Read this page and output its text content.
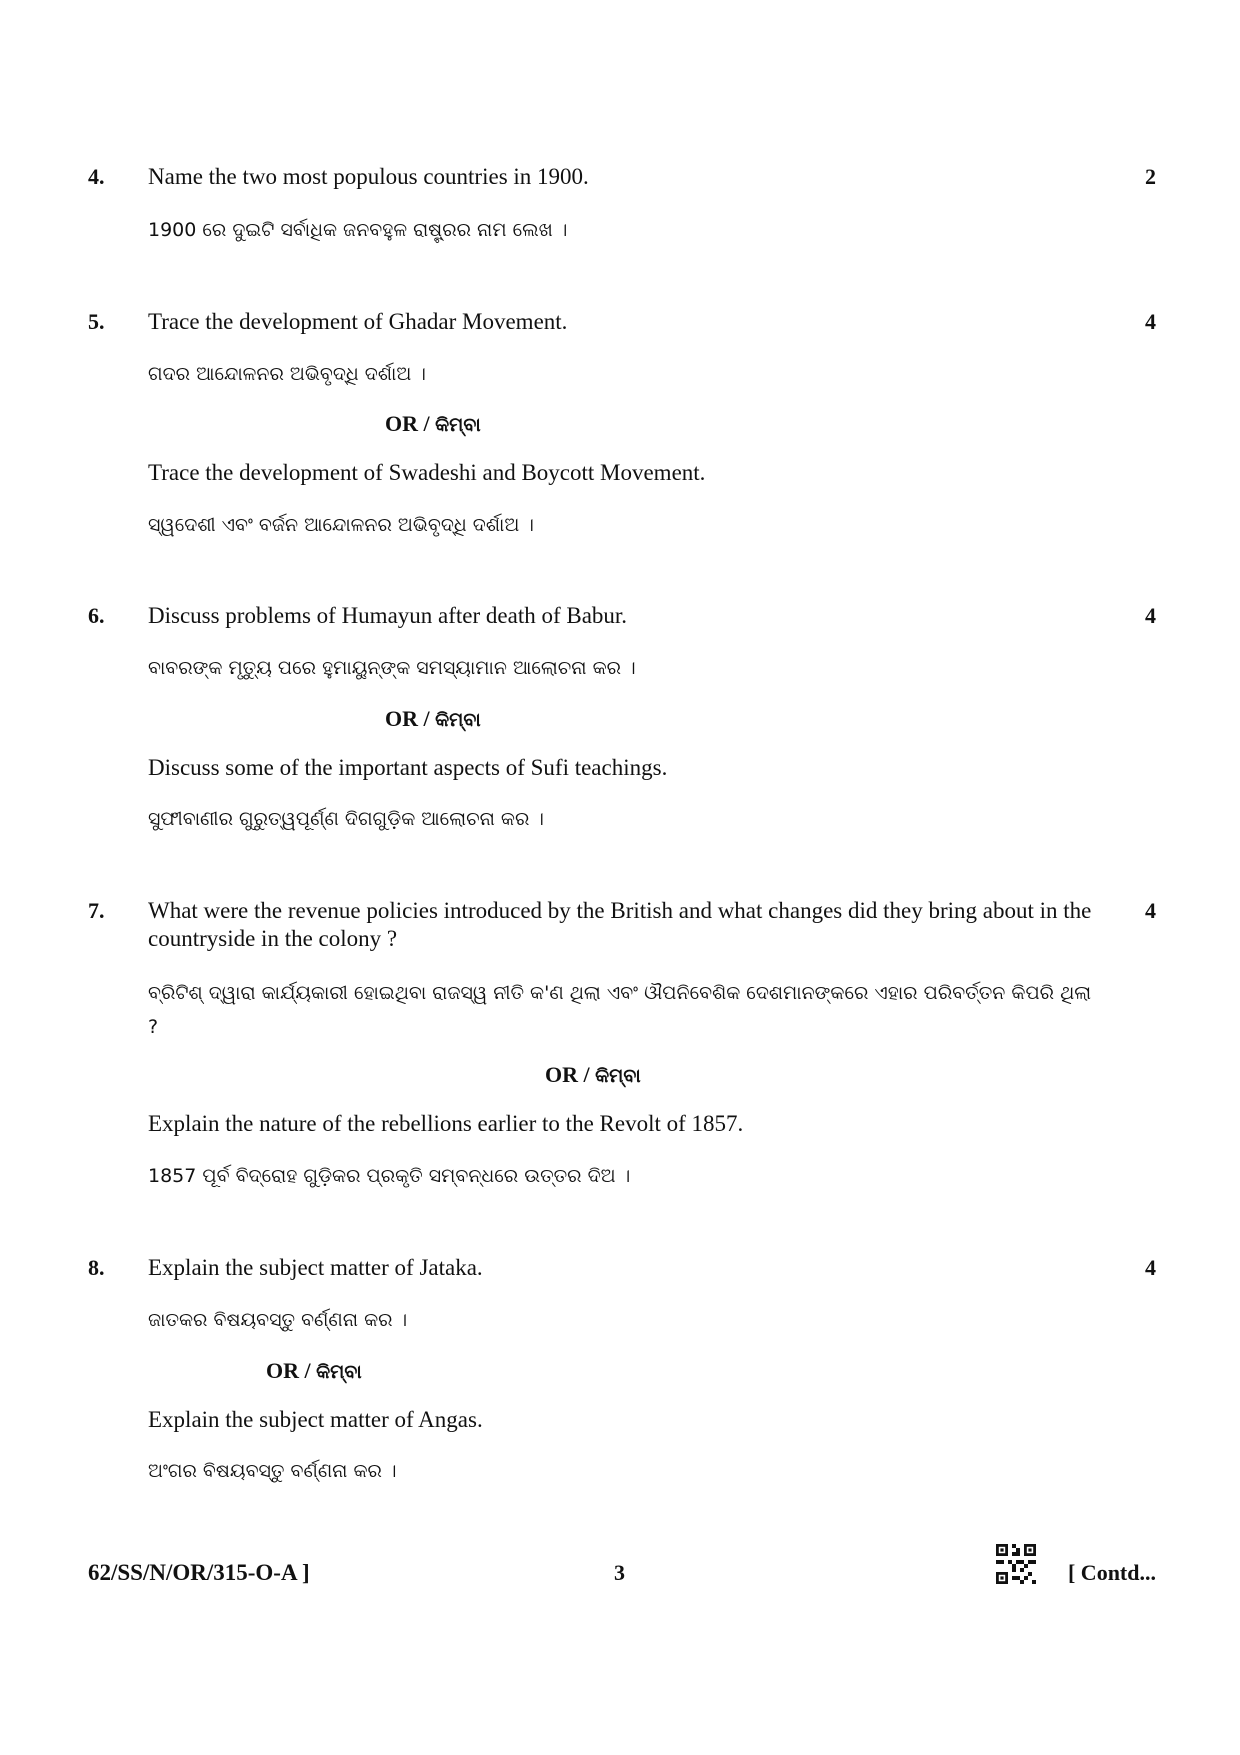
4. Name the two most populous countries in 1900.	2
1900 ରେ ଦୁଇଟି ସର୍ବାଧିକ ଜନବହୁଳ ରାଷ୍ଟ୍ରର ନାମ ଲେଖ ।
5. Trace the development of Ghadar Movement.	4
ଗଦର ଆନ୍ଦୋଳନର ଅଭିବୃଦ୍ଧି ଦର୍ଶାଅ ।
OR / କିମ୍ବା
Trace the development of Swadeshi and Boycott Movement.
ସ୍ୱଦେଶୀ ଏବଂ ବର୍ଜନ ଆନ୍ଦୋଳନର ଅଭିବୃଦ୍ଧି ଦର୍ଶାଅ ।
6. Discuss problems of Humayun after death of Babur.	4
ବାବରଙ୍କ ମୃତ୍ୟୁ ପରେ ହୁମାୟୁନ୍‌ଙ୍କ ସମସ୍ୟାମାନ ଆଲୋଚନା କର ।
OR / କିମ୍ବା
Discuss some of the important aspects of Sufi teachings.
ସୁଫୀବାଣୀର ଗୁରୁତ୍ୱପୂର୍ଣ୍ଣ ଦିଗଗୁଡ଼ିକ ଆଲୋଚନା କର ।
7. What were the revenue policies introduced by the British and what changes did they bring about in the countryside in the colony ?
4
ବ୍ରିଟିଶ୍ ଦ୍ୱାରା କାର୍ଯ୍ୟକାରୀ ହୋଇଥିବା ରାଜସ୍ୱ ନୀତି କ'ଣ ଥିଲା ଏବଂ ଔପନିବେଶିକ ଦେଶମାନଙ୍କରେ ଏହାର ପରିବର୍ତ୍ତନ କିପରି ଥିଲା ?
OR / କିମ୍ବା
Explain the nature of the rebellions earlier to the Revolt of 1857.
1857 ପୂର୍ବ ବିଦ୍ରୋହ ଗୁଡ଼ିକର ପ୍ରକୃତି ସମ୍ବନ୍ଧରେ ଉତ୍ତର ଦିଅ ।
8. Explain the subject matter of Jataka.	4
ଜାତକର ବିଷୟବସ୍ତୁ ବର୍ଣ୍ଣନା କର ।
OR / କିମ୍ବା
Explain the subject matter of Angas.
ଅଂଗର ବିଷୟବସ୍ତୁ ବର୍ଣ୍ଣନା କର ।
62/SS/N/OR/315-O-A ]	3	[ Contd...
